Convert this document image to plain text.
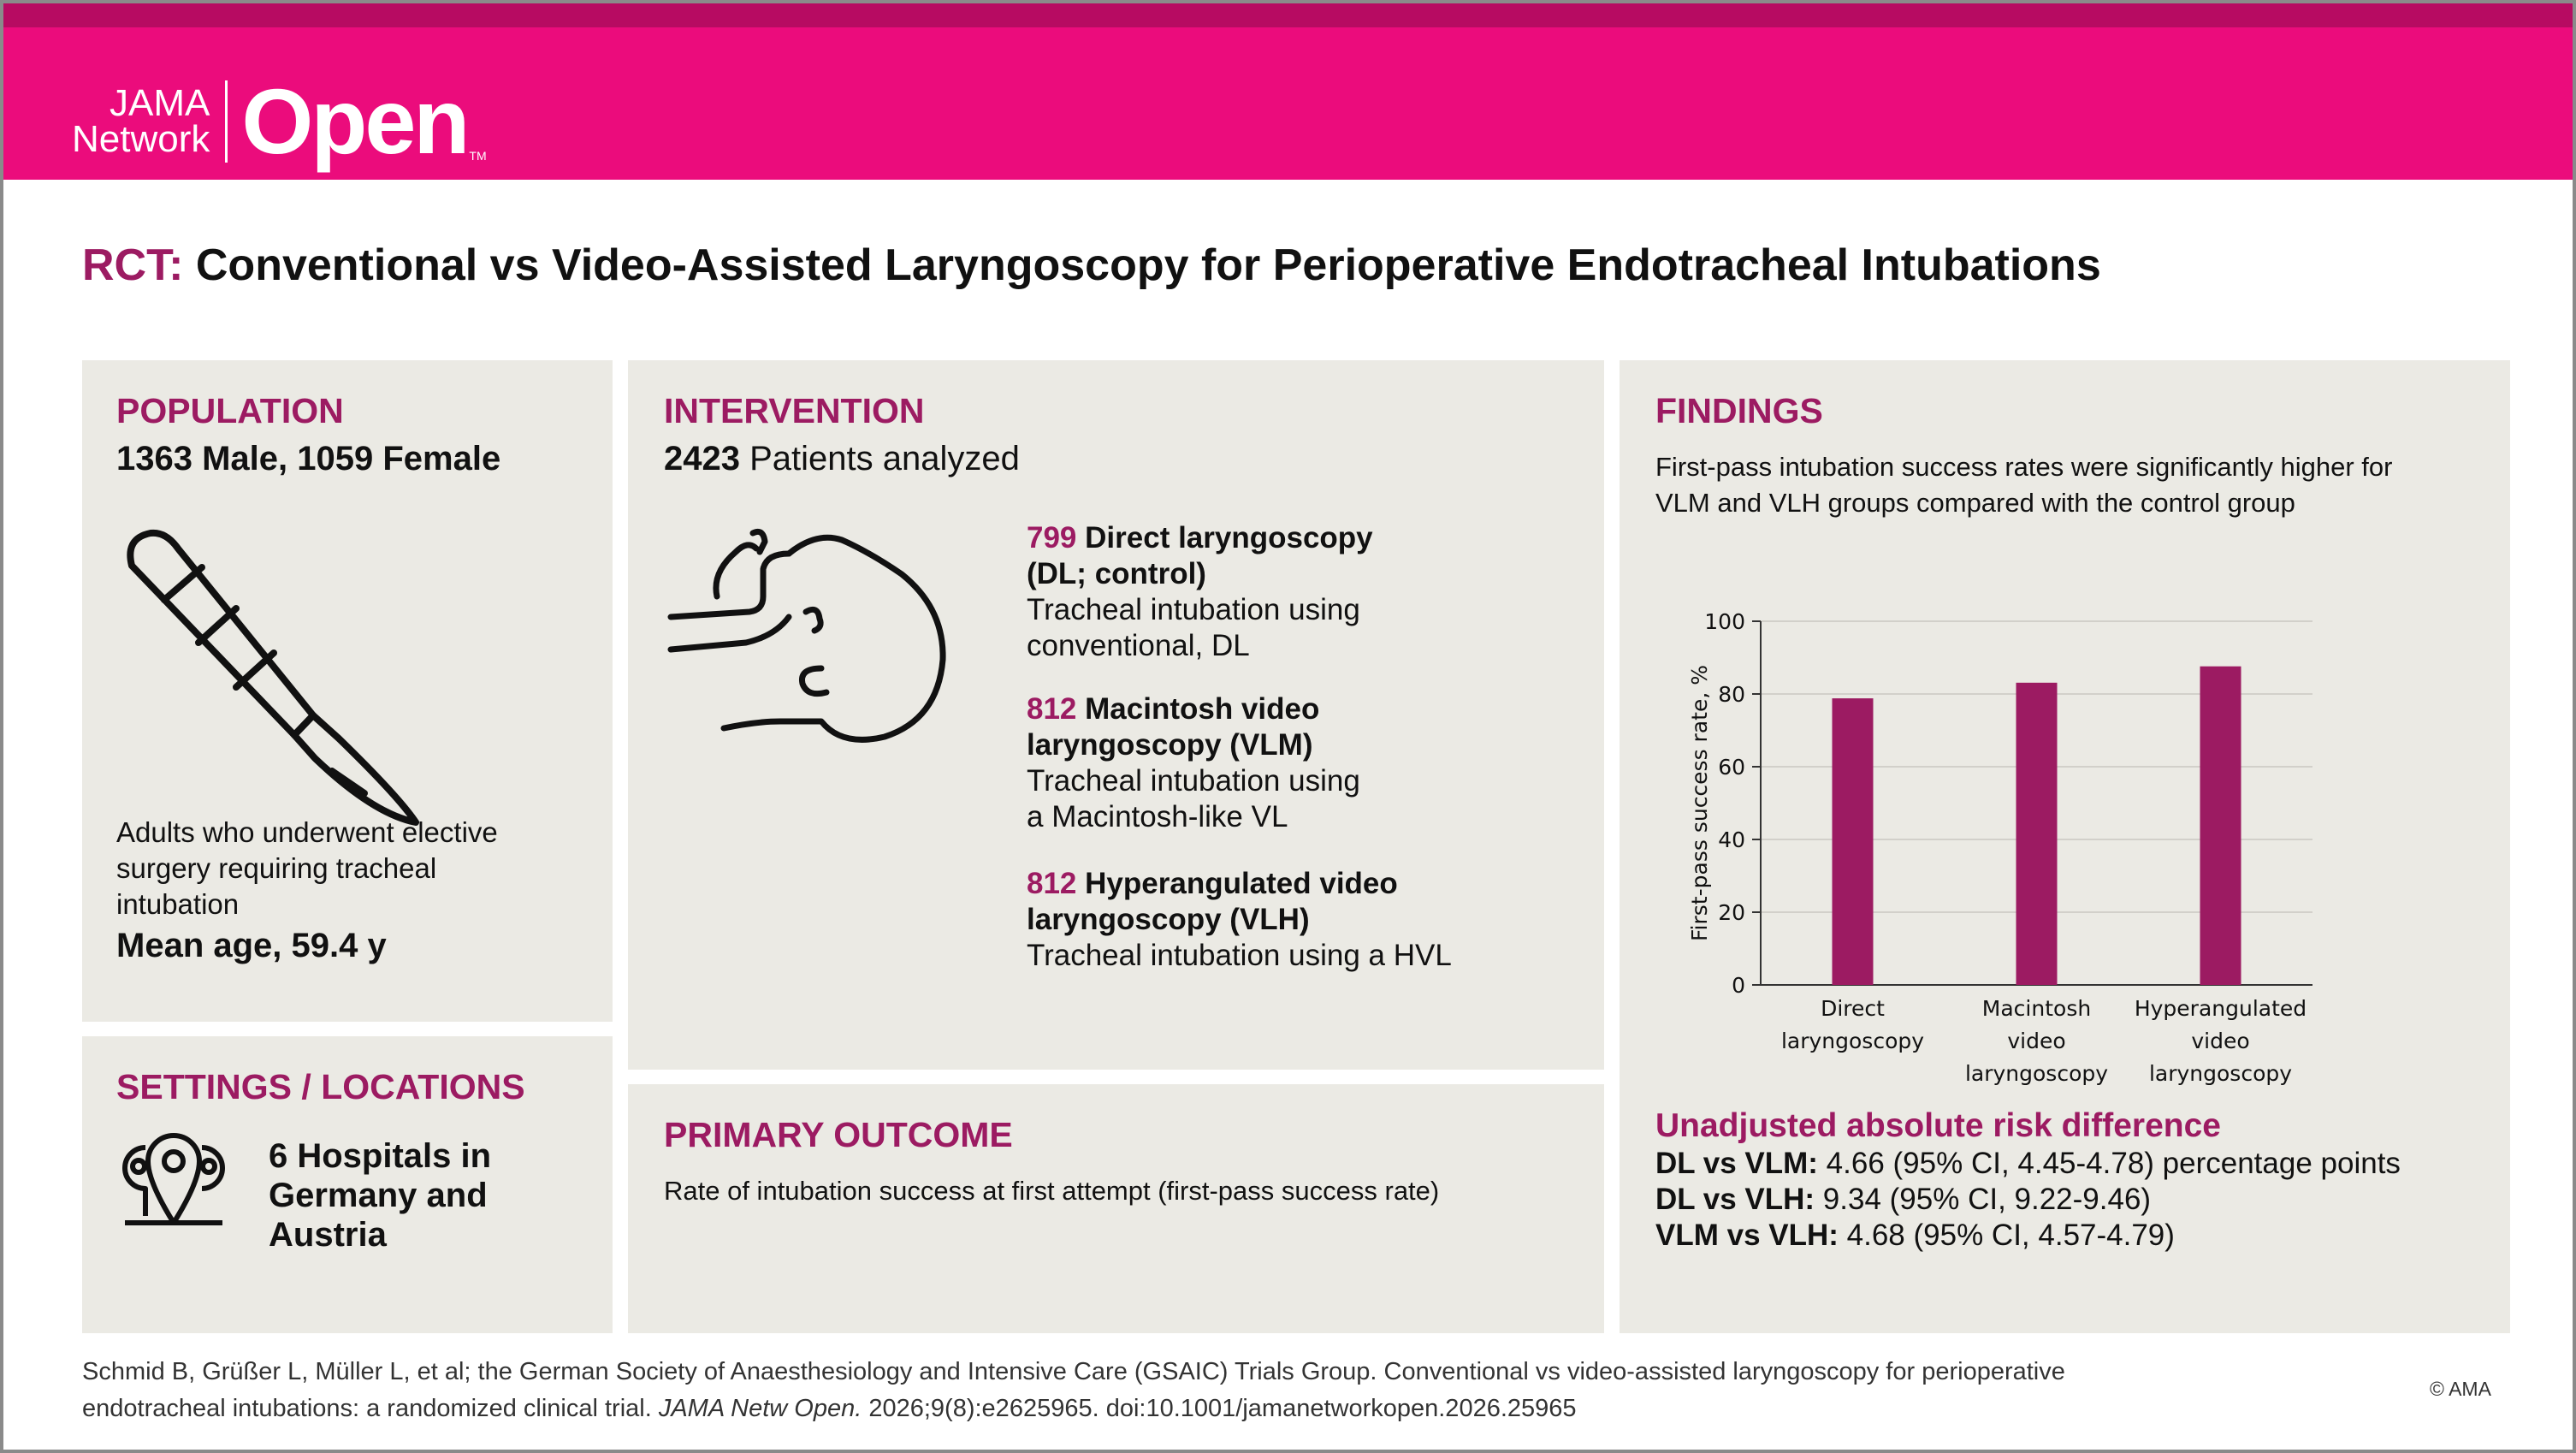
JAMA
Network Open TM
RCT: Conventional vs Video-Assisted Laryngoscopy for Perioperative Endotracheal Intubations
POPULATION
1363 Male, 1059 Female
Adults who underwent elective surgery requiring tracheal intubation
Mean age, 59.4 y
SETTINGS / LOCATIONS
6 Hospitals in
Germany and
Austria
INTERVENTION
2423 Patients analyzed
799 Direct laryngoscopy
(DL; control)
Tracheal intubation using
conventional, DL
812 Macintosh video
laryngoscopy (VLM)
Tracheal intubation using
a Macintosh-like VL
812 Hyperangulated video
laryngoscopy (VLH)
Tracheal intubation using a HVL
PRIMARY OUTCOME
Rate of intubation success at first attempt (first-pass success rate)
FINDINGS
First-pass intubation success rates were significantly higher for
VLM and VLH groups compared with the control group
0
20
40
60
80
100
First-pass success rate, %
Direct
laryngoscopy
Macintosh
video
laryngoscopy
Hyperangulated
video
laryngoscopy
Unadjusted absolute risk difference
DL vs VLM: 4.66 (95% CI, 4.45-4.78) percentage points
DL vs VLH: 9.34 (95% CI, 9.22-9.46)
VLM vs VLH: 4.68 (95% CI, 4.57-4.79)
Schmid B, Grüßer L, Müller L, et al; the German Society of Anaesthesiology and Intensive Care (GSAIC) Trials Group. Conventional vs video-assisted laryngoscopy for perioperative
endotracheal intubations: a randomized clinical trial. JAMA Netw Open. 2026;9(8):e2625965. doi:10.1001/jamanetworkopen.2026.25965
© AMA
